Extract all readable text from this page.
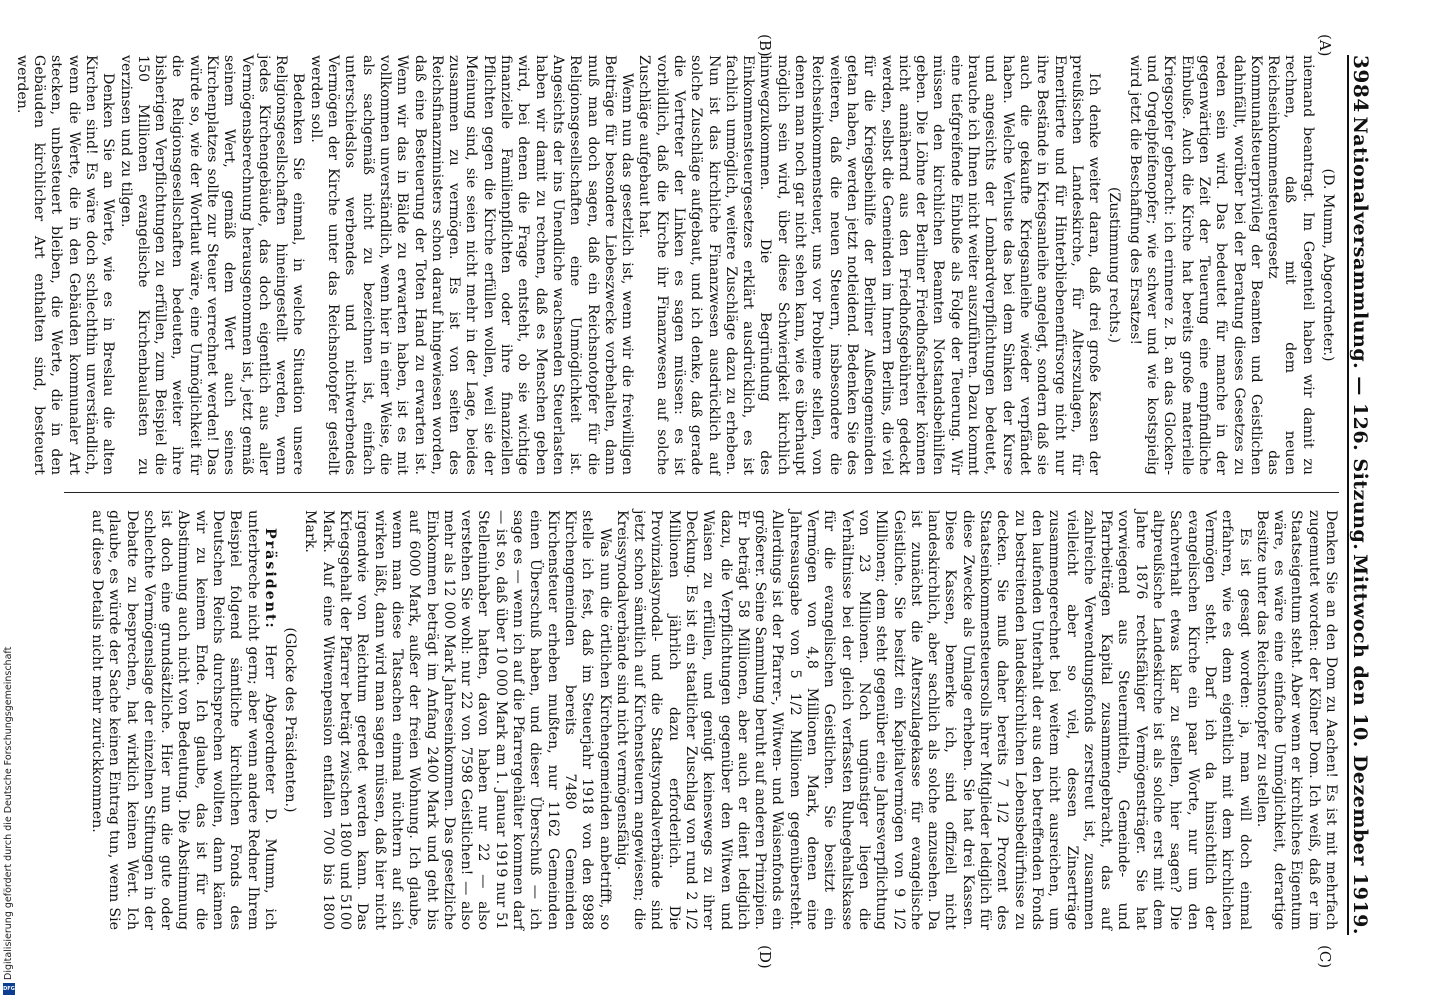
3984
Nationalversammlung. — 126. Sitzung.
Mittwoch den 10. Dezember 1919.
(A)
(B)
(C)
(D)

(D. Mumm, Abgeordneter.)

niemand beantragt. Im Gegenteil haben wir damit zu rechnen, daß mit dem neuen Reichseinkommensteuergesetz das Kommunalsteuerprivileg der Beamten und Geistlichen dahinfällt, worüber bei der Beratung dieses Gesetzes zu reden sein wird. Das bedeutet für manche in der gegenwärtigen Zeit der Teuerung eine empfindliche Einbuße. Auch die Kirche hat bereits große materielle Kriegsopfer gebracht: ich erinnere z. B. an das Glocken- und Orgelpfeifenopfer; wie schwer und wie kostspielig wird jetzt die Beschaffung des Ersatzes!

(Zustimmung rechts.)

Ich denke weiter daran, daß drei große Kassen der preußischen Landeskirche, für Alterszulagen, für Emeritierte und für Hinterbliebenenfürsorge nicht nur ihre Bestände in Kriegsanleihe angelegt, sondern daß sie auch die gekaufte Kriegsanleihe wieder verpfändet haben. Welche Verluste das bei dem Sinken der Kurse und angesichts der Lombardverpflichtungen bedeutet, brauche ich Ihnen nicht weiter auszuführen. Dazu kommt eine tiefgreifende Einbuße als Folge der Teuerung. Wir müssen den kirchlichen Beamten Notstandsbeihilfen geben. Die Löhne der Berliner Friedhofsarbeiter können nicht annähernd aus den Friedhofsgebühren gedeckt werden, selbst die Gemeinden im Innern Berlins, die viel für die Kriegsbeihilfe der Berliner Außengemeinden getan haben, werden jetzt notleidend. Bedenken Sie des weiteren, daß die neuen Steuern, insbesondere die Reichseinkommensteuer, uns vor Probleme stellen, von denen man noch gar nicht sehen kann, wie es überhaupt möglich sein wird, über diese Schwierigkeit kirchlich hinwegzukommen. Die Begründung des Einkommensteuergesetzes erklärt ausdrücklich, es ist fachlich unmöglich, weitere Zuschläge dazu zu erheben. Nun ist das kirchliche Finanzwesen ausdrücklich auf solche Zuschläge aufgebaut, und ich denke, daß gerade die Vertreter der Linken es sagen müssen: es ist vorbildlich, daß die Kirche ihr Finanzwesen auf solche Zuschläge aufgebaut hat.

Wenn nun das gesetzlich ist, wenn wir die freiwilligen Beiträge für besondere Liebeszwecke vorbehalten, dann muß man doch sagen, daß ein Reichsnotopfer für die Religionsgesellschaften eine Unmöglichkeit ist. Angesichts der ins Unendliche wachsenden Steuerlasten haben wir damit zu rechnen, daß es Menschen geben wird, bei denen die Frage entsteht, ob sie wichtige finanzielle Familienpflichten oder ihre finanziellen Pflichten gegen die Kirche erfüllen wollen, weil sie der Meinung sind, sie seien nicht mehr in der Lage, beides zusammen zu vermögen. Es ist von seiten des Reichsfinanzministers schon darauf hingewiesen worden, daß eine Besteuerung der Toten Hand zu erwarten ist. Wenn wir das in Bälde zu erwarten haben, ist es mit vollkommen unverständlich, wenn hier in einer Weise, die als sachgemäß nicht zu bezeichnen ist, einfach unterschiedslos werbendes und nichtwerbendes Vermögen der Kirche unter das Reichsnotopfer gestellt werden soll.

Bedenken Sie einmal, in welche Situation unsere Religionsgesellschaften hineingestellt werden, wenn jedes Kirchengebäude, das doch eigentlich aus aller Vermögensberechnung herausgenommen ist, jetzt gemäß seinem Wert, gemäß dem Wert auch seines Kirchenplatzes sollte zur Steuer verrechnet werden! Das würde so, wie der Wortlaut wäre, eine Unmöglichkeit für die Religionsgesellschaften bedeuten, weiter ihre bisherigen Verpflichtungen zu erfüllen, zum Beispiel die 150 Millionen evangelische Kirchenbaulasten zu verzinsen und zu tilgen.

Denken Sie an Werte, wie es in Breslau die alten Kirchen sind! Es wäre doch schlechthin unverständlich, wenn die Werte, die in den Gebäuden kommunaler Art stecken, unbesteuert bleiben, die Werte, die in den Gebäuden kirchlicher Art enthalten sind, besteuert werden.

Denken Sie an den Dom zu Aachen! Es ist mit mehrfach zugemutet worden: der Kölner Dom. Ich weiß, daß er im Staatseigentum steht. Aber wenn er kirchliches Eigentum wäre, es wäre eine einfache Unmöglichkeit, derartige Besitze unter das Reichsnotopfer zu stellen.

Es ist gesagt worden: ja, man will doch einmal erfahren, wie es denn eigentlich mit dem kirchlichen Vermögen steht. Darf ich da hinsichtlich der evangelischen Kirche ein paar Worte, nur um den Sachverhalt etwas klar zu stellen, hier sagen? Die altpreußische Landeskirche ist als solche erst mit dem Jahre 1876 rechtsfähiger Vermögensträger. Sie hat vorwiegend aus Steuermitteln, Gemeinde- und Pfarrbeiträgen Kapital zusammengebracht, das auf zahlreiche Verwendungsfonds zerstreut ist, zusammen vielleicht aber so viel, dessen Zinserträge zusammengerechnet bei weitem nicht ausreichen, um den laufenden Unterhalt der aus den betreffenden Fonds zu bestreitenden landeskirchlichen Lebensbedürfnisse zu decken. Sie muß daher bereits 7 1/2 Prozent des Staatseinkommensteuersolls ihrer Mitglieder lediglich für diese Zwecke als Umlage erheben. Sie hat drei Kassen. Diese Kassen, bemerke ich, sind offiziell nicht landeskirchlich, aber sachlich als solche anzusehen. Da ist zunächst die Alterszulagekasse für evangelische Geistliche. Sie besitzt ein Kapitalvermögen von 9 1/2 Millionen; dem steht gegenüber eine Jahresverpflichtung von 23 Millionen. Noch ungünstiger liegen die Verhältnisse bei der gleich verfassten Ruhegehaltskasse für die evangelischen Geistlichen. Sie besitzt ein Vermögen von 4,8 Millionen Mark, denen eine Jahresausgabe von 5 1/2 Millionen gegenübersteht. Allerdings ist der Pfarrer-, Witwen- und Waisenfonds ein größerer. Seine Sammlung beruht auf anderen Prinzipien. Er beträgt 58 Millionen, aber auch er dient lediglich dazu, die Verpflichtungen gegenüber den Witwen und Waisen zu erfüllen, und genügt keineswegs zu ihrer Deckung. Es ist ein staatlicher Zuschlag von rund 2 1/2 Millionen jährlich dazu erforderlich. Die Provinzialsynodal- und die Stadtsynodalverbände sind jetzt schon sämtlich auf Kirchensteuern angewiesen; die Kreissynodalverbände sind nicht vermögensfähig.

Was nun die örtlichen Kirchengemeinden anbetrifft, so stelle ich fest, daß im Steuerjahr 1918 von den 8988 Kirchengemeinden bereits 7480 Gemeinden Kirchensteuer erheben mußten, nur 1162 Gemeinden einen Überschuß haben, und dieser Überschuß — ich sage es — wenn ich auf die Pfarrergehälter kommen darf — ist so, daß über 10 000 Mark am 1. Januar 1919 nur 51 Stelleninhaber hatten, davon haben nur 22 — also verstehen Sie wohl: nur 22 von 7598 Geistlichen! — also mehr als 12 000 Mark Jahreseinkommen. Das gesetzliche Einkommen beträgt im Anfang 2400 Mark und geht bis auf 6000 Mark, außer der freien Wohnung. Ich glaube, wenn man diese Tatsachen einmal nüchtern auf sich wirken läßt, dann wird man sagen müssen, daß hier nicht irgendwie von Reichtum geredet werden kann. Das Kriegsgehalt der Pfarrer beträgt zwischen 1800 und 5100 Mark. Auf eine Witwenpension entfallen 700 bis 1800 Mark.

(Glocke des Präsidenten.)

Präsident: Herr Abgeordneter D. Mumm, ich unterbreche nicht gern; aber wenn andere Redner Ihrem Beispiel folgend sämtliche kirchlichen Fonds des Deutschen Reichs durchsprechen wollten, dann kämen wir zu keinem Ende. Ich glaube, das ist für die Abstimmung auch nicht von Bedeutung. Die Abstimmung ist doch eine grundsätzliche. Hier nun die gute oder schlechte Vermögenslage der einzelnen Stiftungen in der Debatte zu besprechen, hat wirklich keinen Wert. Ich glaube, es würde der Sache keinen Eintrag tun, wenn Sie auf diese Details nicht mehr zurückkommen.

Digitalisierung gefördert durch die Deutsche Forschungsgemeinschaft
DFG
